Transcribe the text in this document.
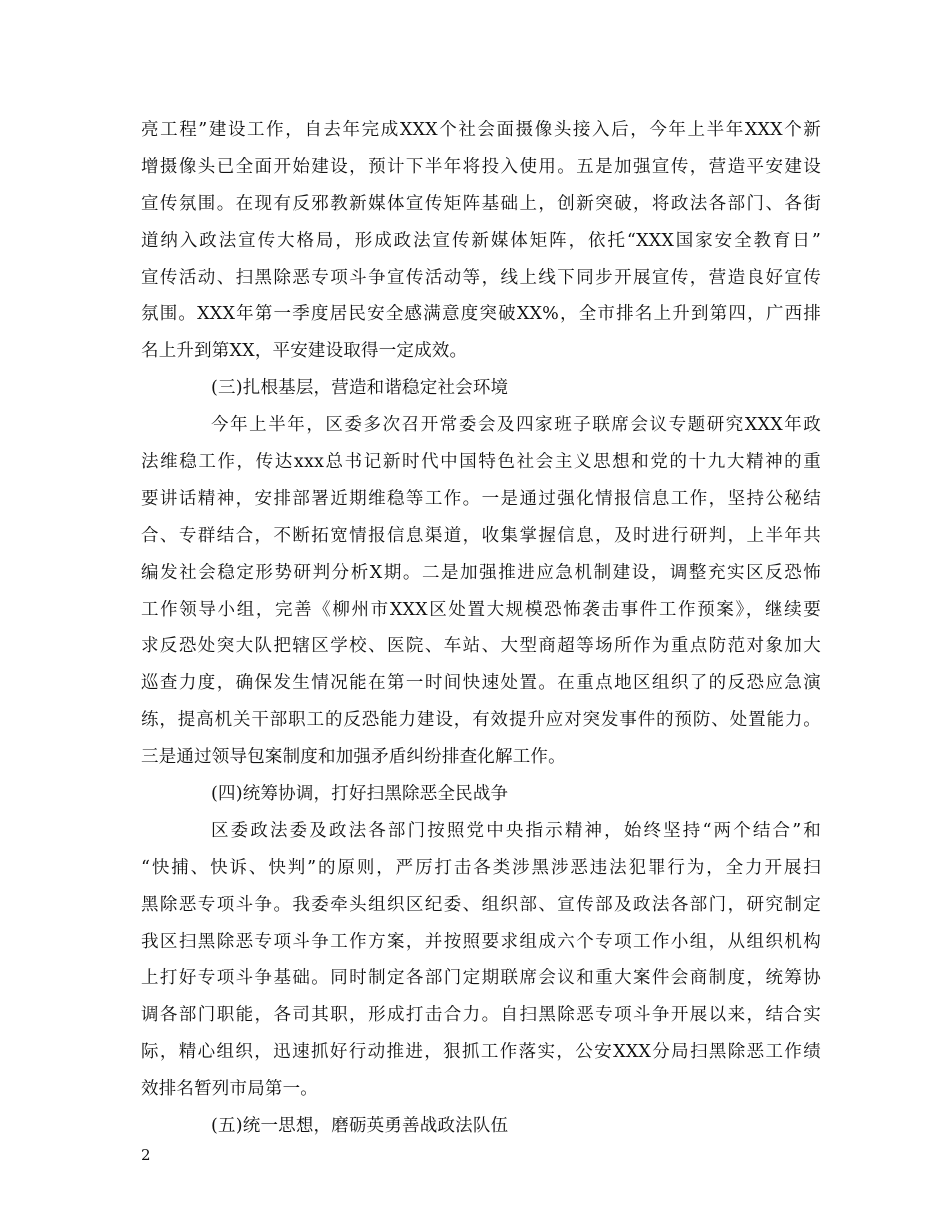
亮工程”建设工作，自去年完成XXX个社会面摄像头接入后，今年上半年XXX个新
增摄像头已全面开始建设，预计下半年将投入使用。五是加强宣传，营造平安建设
宣传氛围。在现有反邪教新媒体宣传矩阵基础上，创新突破，将政法各部门、各街
道纳入政法宣传大格局，形成政法宣传新媒体矩阵，依托“XXX国家安全教育日”
宣传活动、扫黑除恶专项斗争宣传活动等，线上线下同步开展宣传，营造良好宣传
氛围。XXX年第一季度居民安全感满意度突破XX%，全市排名上升到第四，广西排
名上升到第XX，平安建设取得一定成效。
(三)扎根基层，营造和谐稳定社会环境
今年上半年，区委多次召开常委会及四家班子联席会议专题研究XXX年政
法维稳工作，传达xxx总书记新时代中国特色社会主义思想和党的十九大精神的重
要讲话精神，安排部署近期维稳等工作。一是通过强化情报信息工作，坚持公秘结
合、专群结合，不断拓宽情报信息渠道，收集掌握信息，及时进行研判，上半年共
编发社会稳定形势研判分析X期。二是加强推进应急机制建设，调整充实区反恐怖
工作领导小组，完善《柳州市XXX区处置大规模恐怖袭击事件工作预案》，继续要
求反恐处突大队把辖区学校、医院、车站、大型商超等场所作为重点防范对象加大
巡查力度，确保发生情况能在第一时间快速处置。在重点地区组织了的反恐应急演
练，提高机关干部职工的反恐能力建设，有效提升应对突发事件的预防、处置能力。
三是通过领导包案制度和加强矛盾纠纷排查化解工作。
(四)统筹协调，打好扫黑除恶全民战争
区委政法委及政法各部门按照党中央指示精神，始终坚持“两个结合”和
“快捕、快诉、快判”的原则，严厉打击各类涉黑涉恶违法犯罪行为，全力开展扫
黑除恶专项斗争。我委牵头组织区纪委、组织部、宣传部及政法各部门，研究制定
我区扫黑除恶专项斗争工作方案，并按照要求组成六个专项工作小组，从组织机构
上打好专项斗争基础。同时制定各部门定期联席会议和重大案件会商制度，统筹协
调各部门职能，各司其职，形成打击合力。自扫黑除恶专项斗争开展以来，结合实
际，精心组织，迅速抓好行动推进，狠抓工作落实，公安XXX分局扫黑除恶工作绩
效排名暂列市局第一。
(五)统一思想，磨砺英勇善战政法队伍
2
